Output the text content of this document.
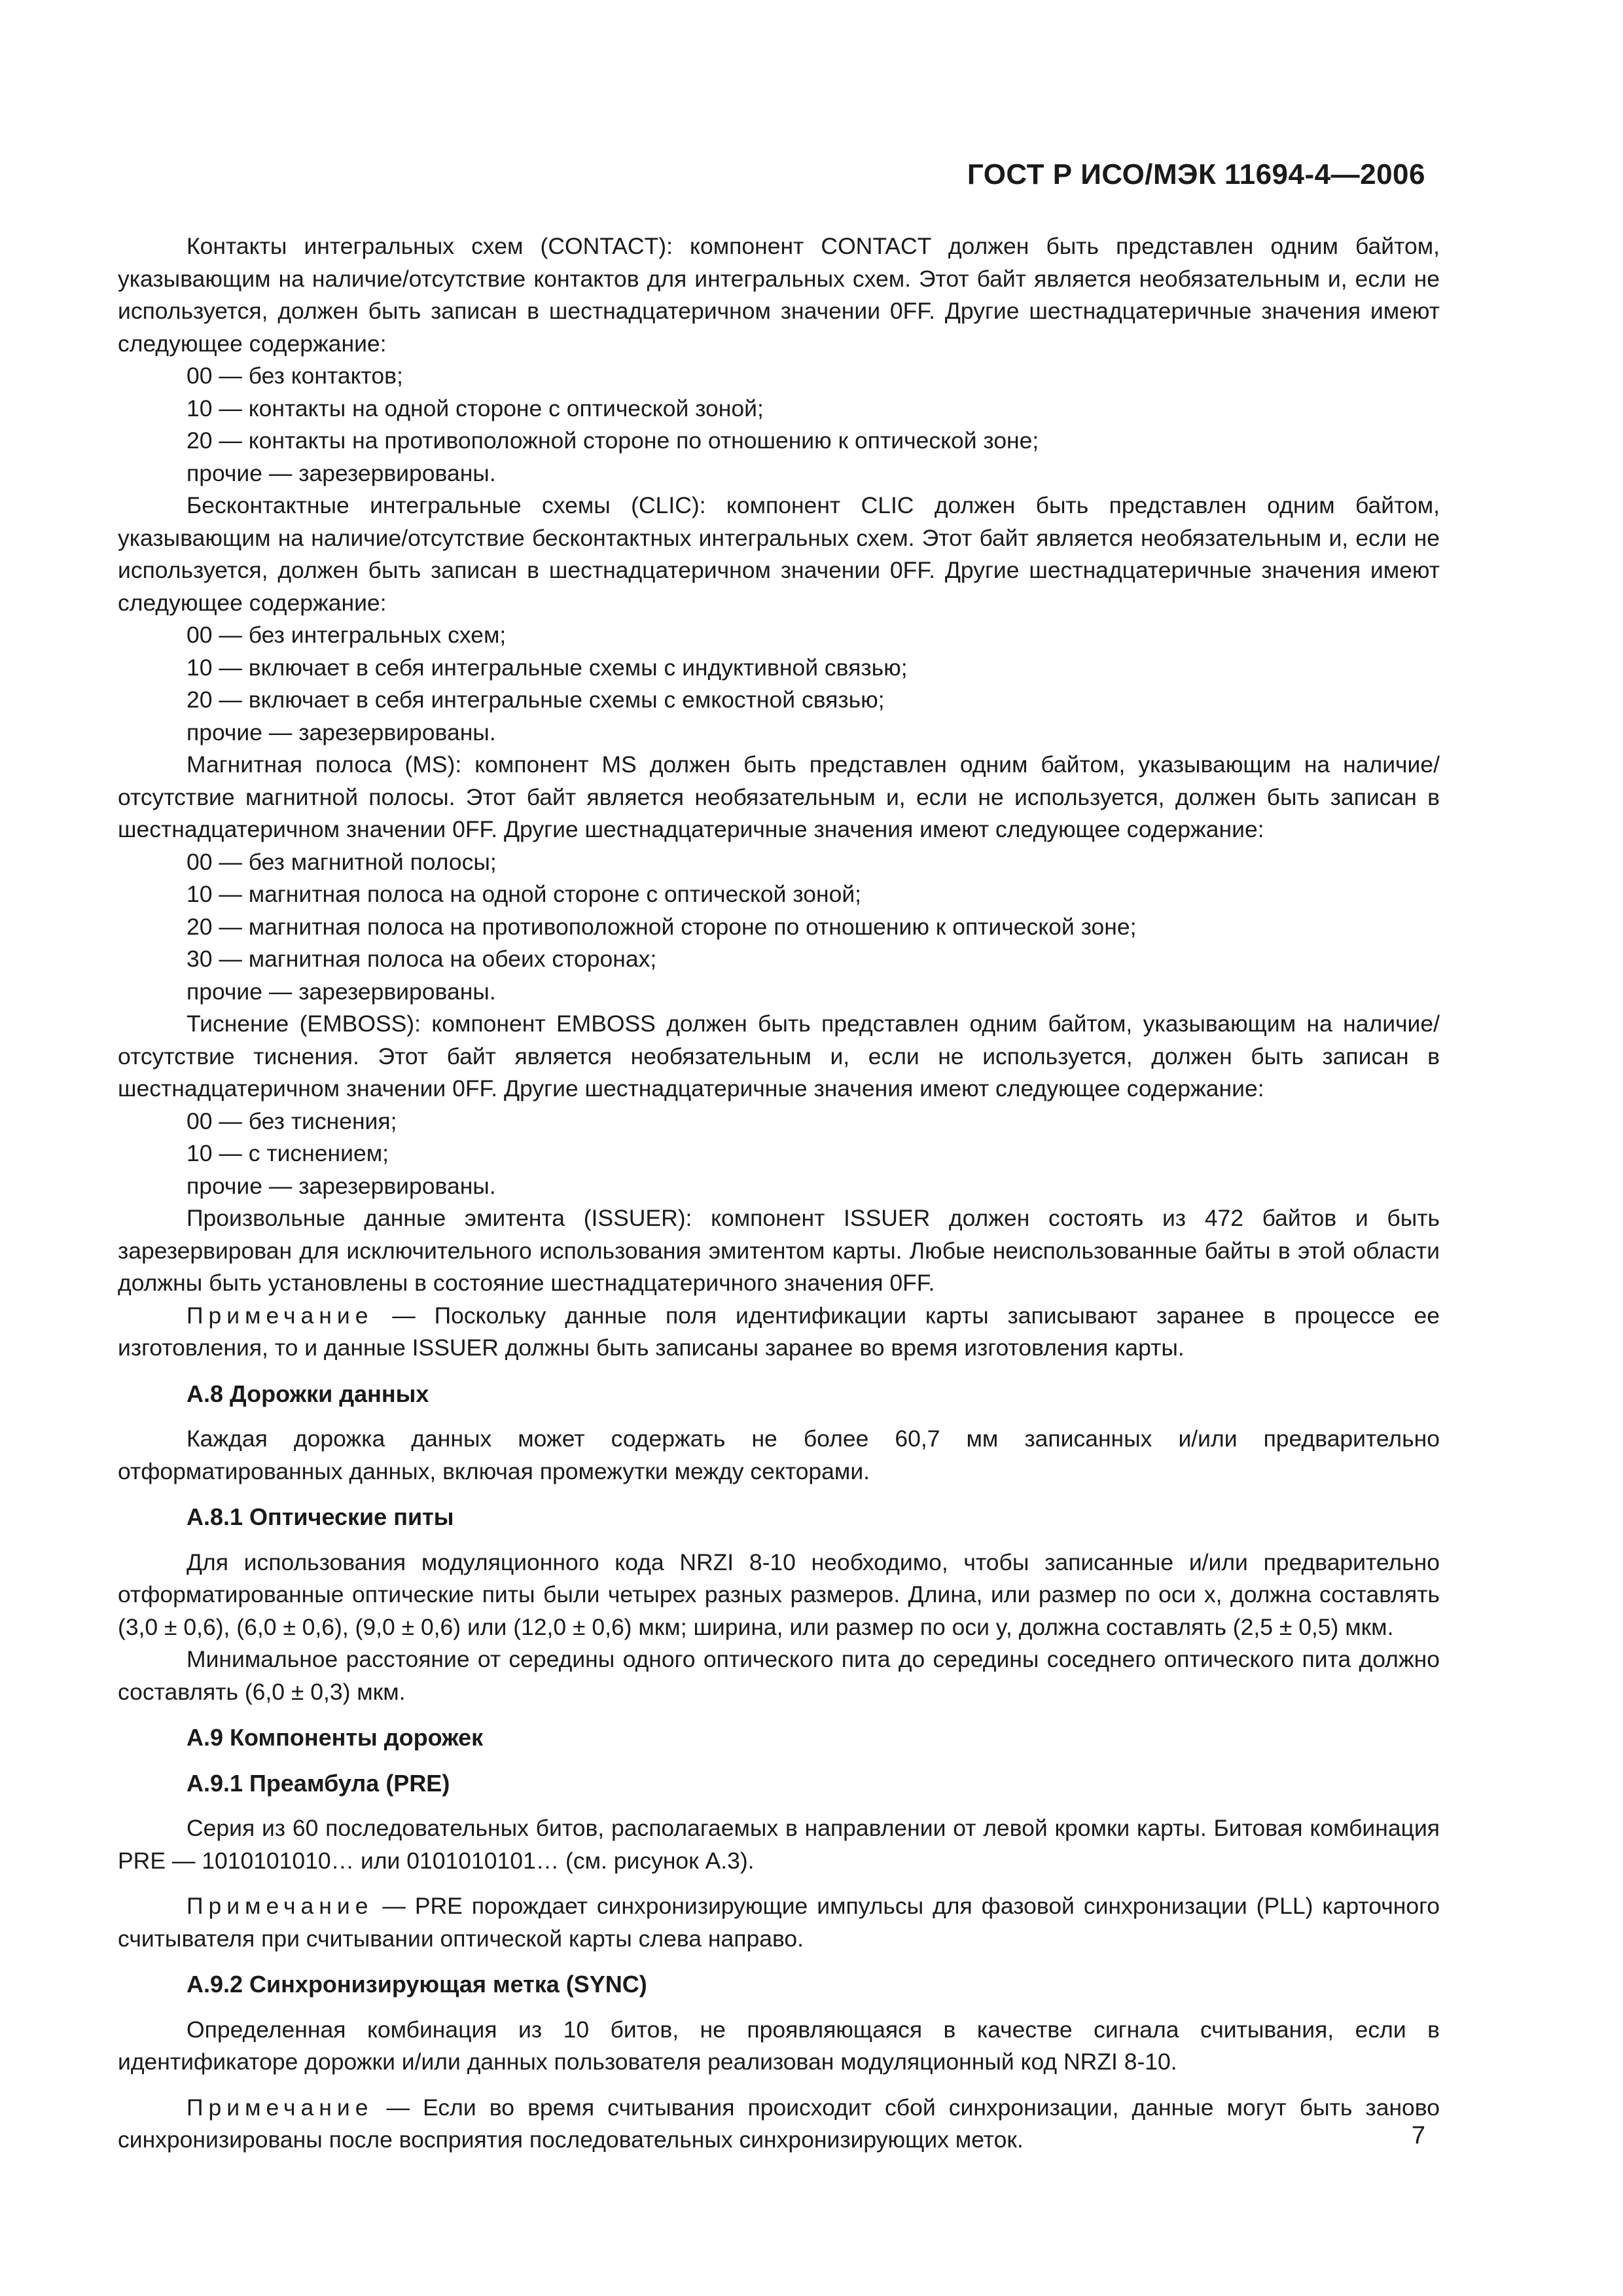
ГОСТ Р ИСО/МЭК 11694-4—2006

Контакты интегральных схем (CONTACT): компонент CONTACT должен быть представлен одним байтом, указывающим на наличие/отсутствие контактов для интегральных схем. Этот байт является необязательным и, если не используется, должен быть записан в шестнадцатеричном значении 0FF. Другие шестнадцатеричные значения имеют следующее содержание:

00 — без контактов;

10 — контакты на одной стороне с оптической зоной;

20 — контакты на противоположной стороне по отношению к оптической зоне;

прочие — зарезервированы.

Бесконтактные интегральные схемы (CLIC): компонент CLIC должен быть представлен одним байтом, указывающим на наличие/отсутствие бесконтактных интегральных схем. Этот байт является необязательным и, если не используется, должен быть записан в шестнадцатеричном значении 0FF. Другие шестнадцатеричные значения имеют следующее содержание:

00 — без интегральных схем;

10 — включает в себя интегральные схемы с индуктивной связью;

20 — включает в себя интегральные схемы с емкостной связью;

прочие — зарезервированы.

Магнитная полоса (MS): компонент MS должен быть представлен одним байтом, указывающим на наличие/отсутствие магнитной полосы. Этот байт является необязательным и, если не используется, должен быть записан в шестнадцатеричном значении 0FF. Другие шестнадцатеричные значения имеют следующее содержание:

00 — без магнитной полосы;

10 — магнитная полоса на одной стороне с оптической зоной;

20 — магнитная полоса на противоположной стороне по отношению к оптической зоне;

30 — магнитная полоса на обеих сторонах;

прочие — зарезервированы.

Тиснение (EMBOSS): компонент EMBOSS должен быть представлен одним байтом, указывающим на наличие/отсутствие тиснения. Этот байт является необязательным и, если не используется, должен быть записан в шестнадцатеричном значении 0FF. Другие шестнадцатеричные значения имеют следующее содержание:

00 — без тиснения;

10 — с тиснением;

прочие — зарезервированы.

Произвольные данные эмитента (ISSUER): компонент ISSUER должен состоять из 472 байтов и быть зарезервирован для исключительного использования эмитентом карты. Любые неиспользованные байты в этой области должны быть установлены в состояние шестнадцатеричного значения 0FF.

Примечание — Поскольку данные поля идентификации карты записывают заранее в процессе ее изготовления, то и данные ISSUER должны быть записаны заранее во время изготовления карты.

А.8 Дорожки данных

Каждая дорожка данных может содержать не более 60,7 мм записанных и/или предварительно отформатированных данных, включая промежутки между секторами.

А.8.1 Оптические питы

Для использования модуляционного кода NRZI 8-10 необходимо, чтобы записанные и/или предварительно отформатированные оптические питы были четырех разных размеров. Длина, или размер по оси x, должна составлять (3,0 ± 0,6), (6,0 ± 0,6), (9,0 ± 0,6) или (12,0 ± 0,6) мкм; ширина, или размер по оси y, должна составлять (2,5 ± 0,5) мкм.

Минимальное расстояние от середины одного оптического пита до середины соседнего оптического пита должно составлять (6,0 ± 0,3) мкм.

А.9 Компоненты дорожек
А.9.1 Преамбула (PRE)

Серия из 60 последовательных битов, располагаемых в направлении от левой кромки карты. Битовая комбинация PRE — 1010101010… или 0101010101… (см. рисунок А.3).

Примечание — PRE порождает синхронизирующие импульсы для фазовой синхронизации (PLL) карточного считывателя при считывании оптической карты слева направо.

А.9.2 Синхронизирующая метка (SYNC)

Определенная комбинация из 10 битов, не проявляющаяся в качестве сигнала считывания, если в идентификаторе дорожки и/или данных пользователя реализован модуляционный код NRZI 8-10.

Примечание — Если во время считывания происходит сбой синхронизации, данные могут быть заново синхронизированы после восприятия последовательных синхронизирующих меток.	7
